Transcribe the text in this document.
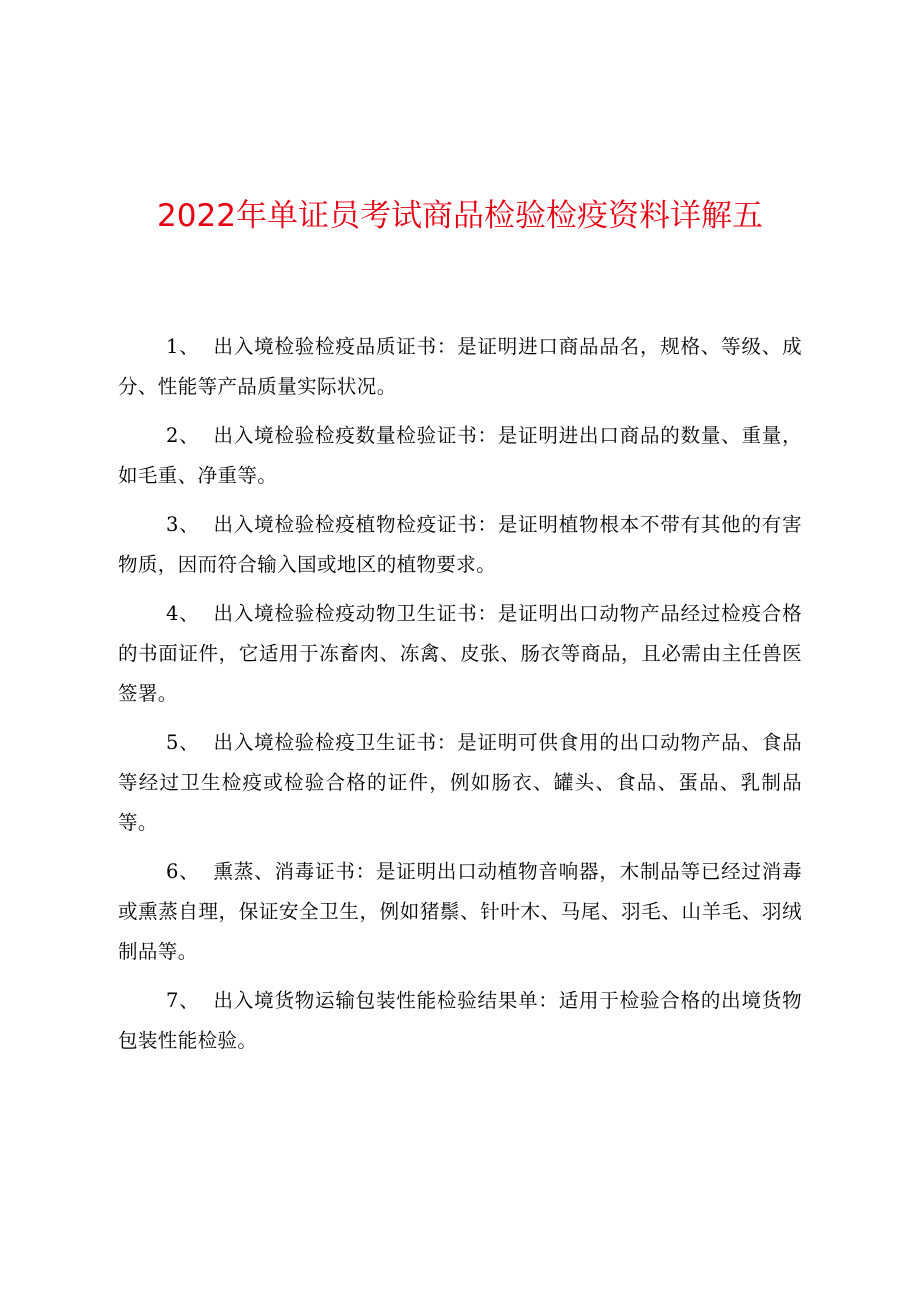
2022年单证员考试商品检验检疫资料详解五

1、 出入境检验检疫品质证书：是证明进口商品品名，规格、等级、成分、性能等产品质量实际状况。

2、 出入境检验检疫数量检验证书：是证明进出口商品的数量、重量，如毛重、净重等。

3、 出入境检验检疫植物检疫证书：是证明植物根本不带有其他的有害物质，因而符合输入国或地区的植物要求。

4、 出入境检验检疫动物卫生证书：是证明出口动物产品经过检疫合格的书面证件，它适用于冻畜肉、冻禽、皮张、肠衣等商品，且必需由主任兽医签署。

5、 出入境检验检疫卫生证书：是证明可供食用的出口动物产品、食品等经过卫生检疫或检验合格的证件，例如肠衣、罐头、食品、蛋品、乳制品等。

6、 熏蒸、消毒证书：是证明出口动植物音响器，木制品等已经过消毒或熏蒸自理，保证安全卫生，例如猪鬃、针叶木、马尾、羽毛、山羊毛、羽绒制品等。

7、 出入境货物运输包装性能检验结果单：适用于检验合格的出境货物包装性能检验。
